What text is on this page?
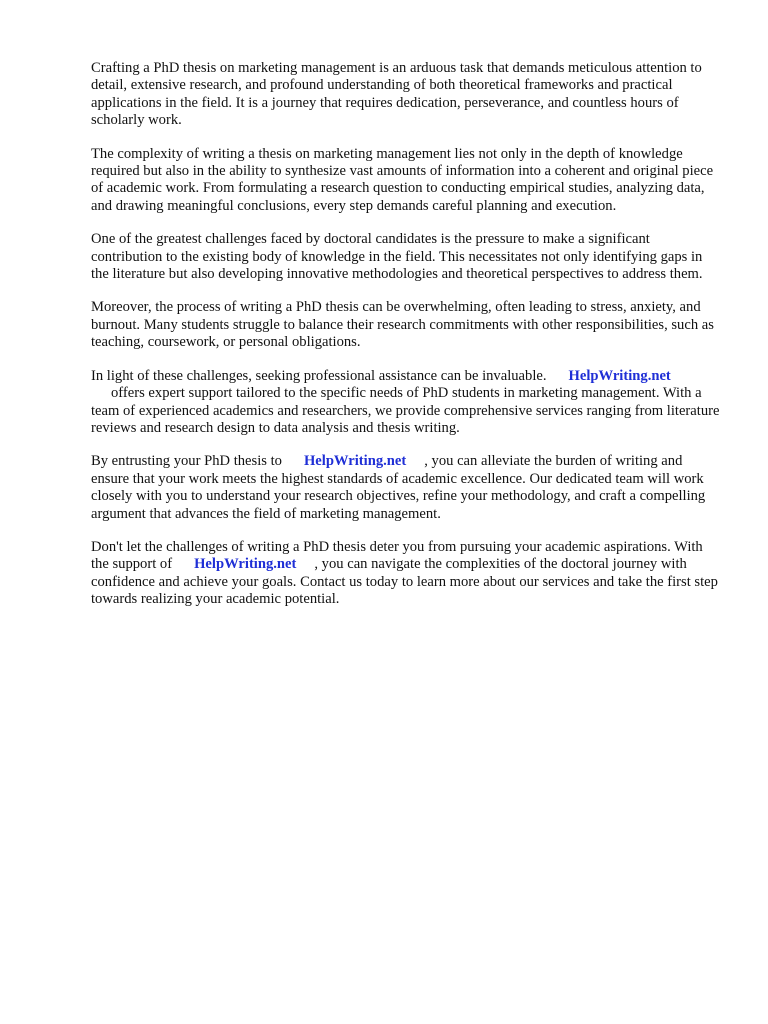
Crafting a PhD thesis on marketing management is an arduous task that demands meticulous attention to detail, extensive research, and profound understanding of both theoretical frameworks and practical applications in the field. It is a journey that requires dedication, perseverance, and countless hours of scholarly work.

The complexity of writing a thesis on marketing management lies not only in the depth of knowledge required but also in the ability to synthesize vast amounts of information into a coherent and original piece of academic work. From formulating a research question to conducting empirical studies, analyzing data, and drawing meaningful conclusions, every step demands careful planning and execution.

One of the greatest challenges faced by doctoral candidates is the pressure to make a significant contribution to the existing body of knowledge in the field. This necessitates not only identifying gaps in the literature but also developing innovative methodologies and theoretical perspectives to address them.

Moreover, the process of writing a PhD thesis can be overwhelming, often leading to stress, anxiety, and burnout. Many students struggle to balance their research commitments with other responsibilities, such as teaching, coursework, or personal obligations.

In light of these challenges, seeking professional assistance can be invaluable. HelpWriting.net
offers expert support tailored to the specific needs of PhD students in marketing management. With a team of experienced academics and researchers, we provide comprehensive services ranging from literature reviews and research design to data analysis and thesis writing.

By entrusting your PhD thesis to HelpWriting.net , you can alleviate the burden of writing and ensure that your work meets the highest standards of academic excellence. Our dedicated team will work closely with you to understand your research objectives, refine your methodology, and craft a compelling argument that advances the field of marketing management.

Don't let the challenges of writing a PhD thesis deter you from pursuing your academic aspirations. With the support of HelpWriting.net , you can navigate the complexities of the doctoral journey with confidence and achieve your goals. Contact us today to learn more about our services and take the first step towards realizing your academic potential.
